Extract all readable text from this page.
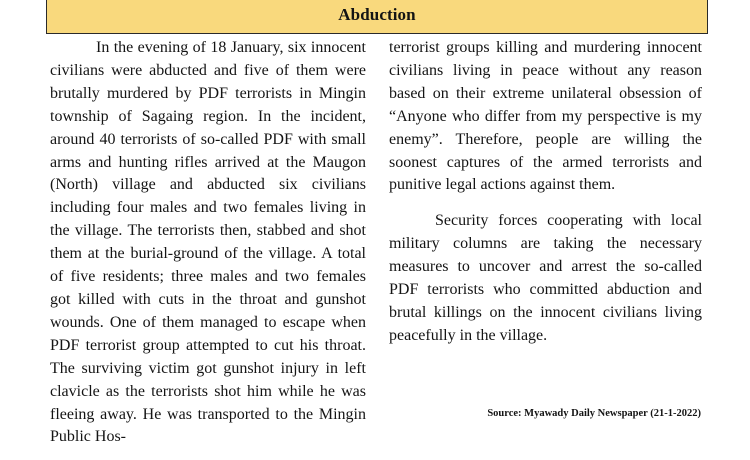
Abduction

In the evening of 18 January, six innocent civilians were abducted and five of them were brutally murdered by PDF terrorists in Mingin township of Sagaing region. In the incident, around 40 terrorists of so-called PDF with small arms and hunting rifles arrived at the Maugon (North) village and abducted six civilians including four males and two females living in the village. The terrorists then, stabbed and shot them at the burial-ground of the village. A total of five residents; three males and two females got killed with cuts in the throat and gunshot wounds. One of them managed to escape when PDF terrorist group attempted to cut his throat. The surviving victim got gunshot injury in left clavicle as the terrorists shot him while he was fleeing away. He was transported to the Mingin Public Hos-

terrorist groups killing and murdering innocent civilians living in peace without any reason based on their extreme unilateral obsession of “Anyone who differ from my perspective is my enemy”. Therefore, people are willing the soonest captures of the armed terrorists and punitive legal actions against them.

Security forces cooperating with local military columns are taking the necessary measures to uncover and arrest the so-called PDF terrorists who committed abduction and brutal killings on the innocent civilians living peacefully in the village.

Source: Myawady Daily Newspaper (21-1-2022)
